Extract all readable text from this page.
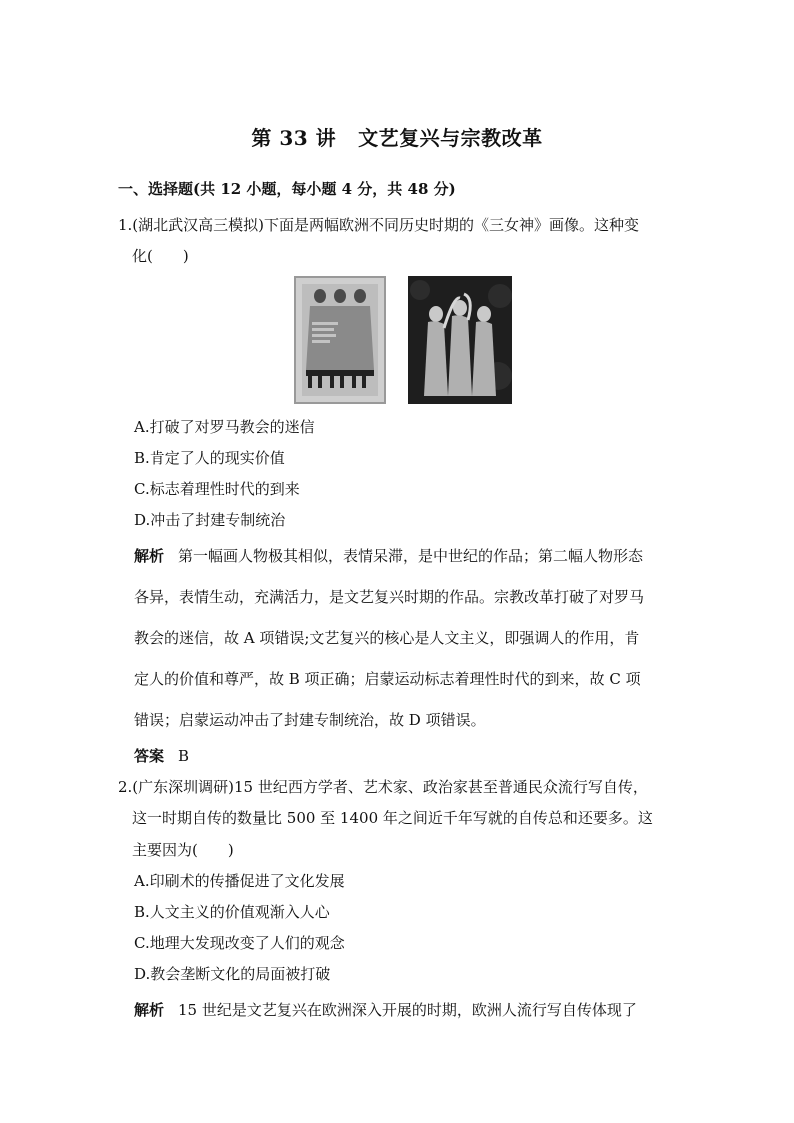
第 33 讲 文艺复兴与宗教改革
一、选择题(共 12 小题，每小题 4 分，共 48 分)
1.(湖北武汉高三模拟)下面是两幅欧洲不同历史时期的《三女神》画像。这种变
化( )
A.打破了对罗马教会的迷信
B.肯定了人的现实价值
C.标志着理性时代的到来
D.冲击了封建专制统治
解析 第一幅画人物极其相似，表情呆滞，是中世纪的作品；第二幅人物形态
各异，表情生动，充满活力，是文艺复兴时期的作品。宗教改革打破了对罗马
教会的迷信，故 A 项错误;文艺复兴的核心是人文主义，即强调人的作用，肯
定人的价值和尊严，故 B 项正确；启蒙运动标志着理性时代的到来，故 C 项
错误；启蒙运动冲击了封建专制统治，故 D 项错误。
答案 B
2.(广东深圳调研)15 世纪西方学者、艺术家、政治家甚至普通民众流行写自传，
这一时期自传的数量比 500 至 1400 年之间近千年写就的自传总和还要多。这
主要因为( )
A.印刷术的传播促进了文化发展
B.人文主义的价值观渐入人心
C.地理大发现改变了人们的观念
D.教会垄断文化的局面被打破
解析 15 世纪是文艺复兴在欧洲深入开展的时期，欧洲人流行写自传体现了
